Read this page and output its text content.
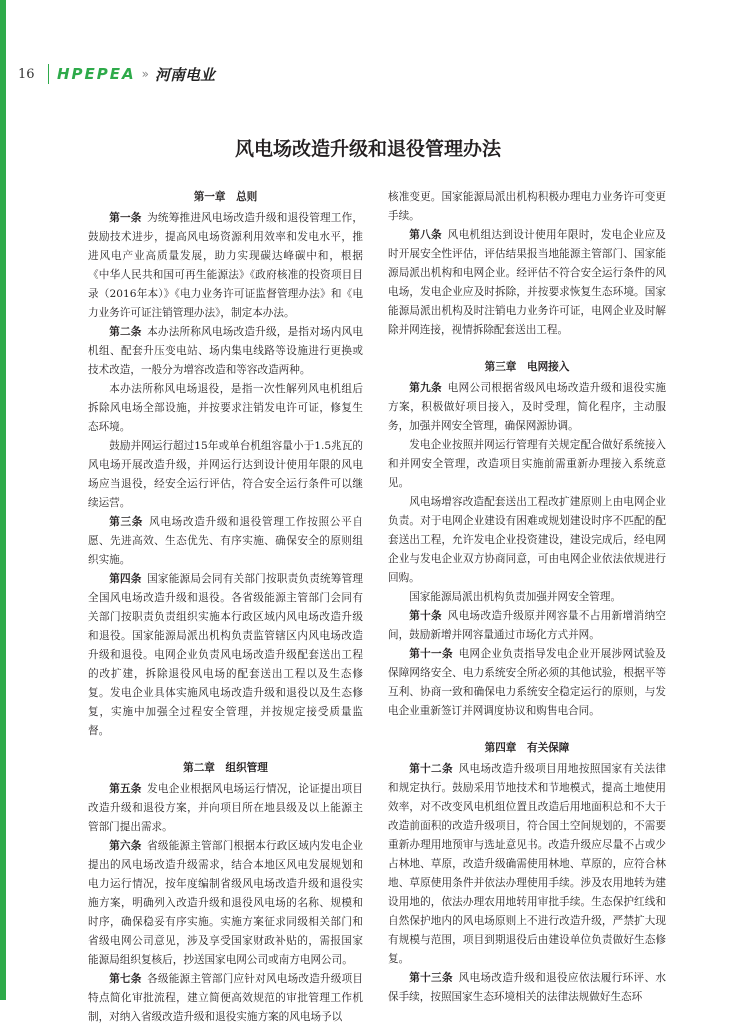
16	HPEPEA » 河南电业
风电场改造升级和退役管理办法
第一章　总则

第一条  为统筹推进风电场改造升级和退役管理工作，鼓励技术进步，提高风电场资源利用效率和发电水平，推进风电产业高质量发展，助力实现碳达峰碳中和，根据《中华人民共和国可再生能源法》《政府核准的投资项目目录（2016年本）》《电力业务许可证监督管理办法》和《电力业务许可证注销管理办法》，制定本办法。

第二条  本办法所称风电场改造升级，是指对场内风电机组、配套升压变电站、场内集电线路等设施进行更换或技术改造，一般分为增容改造和等容改造两种。

本办法所称风电场退役，是指一次性解列风电机组后拆除风电场全部设施，并按要求注销发电许可证，修复生态环境。

鼓励并网运行超过15年或单台机组容量小于1.5兆瓦的风电场开展改造升级，并网运行达到设计使用年限的风电场应当退役，经安全运行评估，符合安全运行条件可以继续运营。

第三条  风电场改造升级和退役管理工作按照公平自愿、先进高效、生态优先、有序实施、确保安全的原则组织实施。

第四条  国家能源局会同有关部门按职责负责统筹管理全国风电场改造升级和退役。各省级能源主管部门会同有关部门按职责负责组织实施本行政区域内风电场改造升级和退役。国家能源局派出机构负责监管辖区内风电场改造升级和退役。电网企业负责风电场改造升级配套送出工程的改扩建，拆除退役风电场的配套送出工程以及生态修复。发电企业具体实施风电场改造升级和退役以及生态修复，实施中加强全过程安全管理，并按规定接受质量监督。

第二章　组织管理

第五条  发电企业根据风电场运行情况，论证提出项目改造升级和退役方案，并向项目所在地县级及以上能源主管部门提出需求。

第六条  省级能源主管部门根据本行政区域内发电企业提出的风电场改造升级需求，结合本地区风电发展规划和电力运行情况，按年度编制省级风电场改造升级和退役实施方案，明确列入改造升级和退役风电场的名称、规模和时序，确保稳妥有序实施。实施方案征求同级相关部门和省级电网公司意见，涉及享受国家财政补贴的，需报国家能源局组织复核后，抄送国家电网公司或南方电网公司。

第七条  各级能源主管部门应针对风电场改造升级项目特点简化审批流程，建立简便高效规范的审批管理工作机制，对纳入省级改造升级和退役实施方案的风电场予以

核准变更。国家能源局派出机构积极办理电力业务许可变更手续。

第八条  风电机组达到设计使用年限时，发电企业应及时开展安全性评估，评估结果报当地能源主管部门、国家能源局派出机构和电网企业。经评估不符合安全运行条件的风电场，发电企业应及时拆除，并按要求恢复生态环境。国家能源局派出机构及时注销电力业务许可证，电网企业及时解除并网连接，视情拆除配套送出工程。

第三章　电网接入

第九条  电网公司根据省级风电场改造升级和退役实施方案，积极做好项目接入，及时受理，简化程序，主动服务，加强并网安全管理，确保网源协调。

发电企业按照并网运行管理有关规定配合做好系统接入和并网安全管理，改造项目实施前需重新办理接入系统意见。

风电场增容改造配套送出工程改扩建原则上由电网企业负责。对于电网企业建设有困难或规划建设时序不匹配的配套送出工程，允许发电企业投资建设，建设完成后，经电网企业与发电企业双方协商同意，可由电网企业依法依规进行回购。

国家能源局派出机构负责加强并网安全管理。

第十条  风电场改造升级原并网容量不占用新增消纳空间，鼓励新增并网容量通过市场化方式并网。

第十一条  电网企业负责指导发电企业开展涉网试验及保障网络安全、电力系统安全所必须的其他试验，根据平等互利、协商一致和确保电力系统安全稳定运行的原则，与发电企业重新签订并网调度协议和购售电合同。

第四章　有关保障

第十二条  风电场改造升级项目用地按照国家有关法律和规定执行。鼓励采用节地技术和节地模式，提高土地使用效率，对不改变风电机组位置且改造后用地面积总和不大于改造前面积的改造升级项目，符合国土空间规划的，不需要重新办理用地预审与选址意见书。改造升级应尽量不占或少占林地、草原，改造升级确需使用林地、草原的，应符合林地、草原使用条件并依法办理使用手续。涉及农用地转为建设用地的，依法办理农用地转用审批手续。生态保护红线和自然保护地内的风电场原则上不进行改造升级，严禁扩大现有规模与范围，项目到期退役后由建设单位负责做好生态修复。

第十三条  风电场改造升级和退役应依法履行环评、水保手续，按照国家生态环境相关的法律法规做好生态环
